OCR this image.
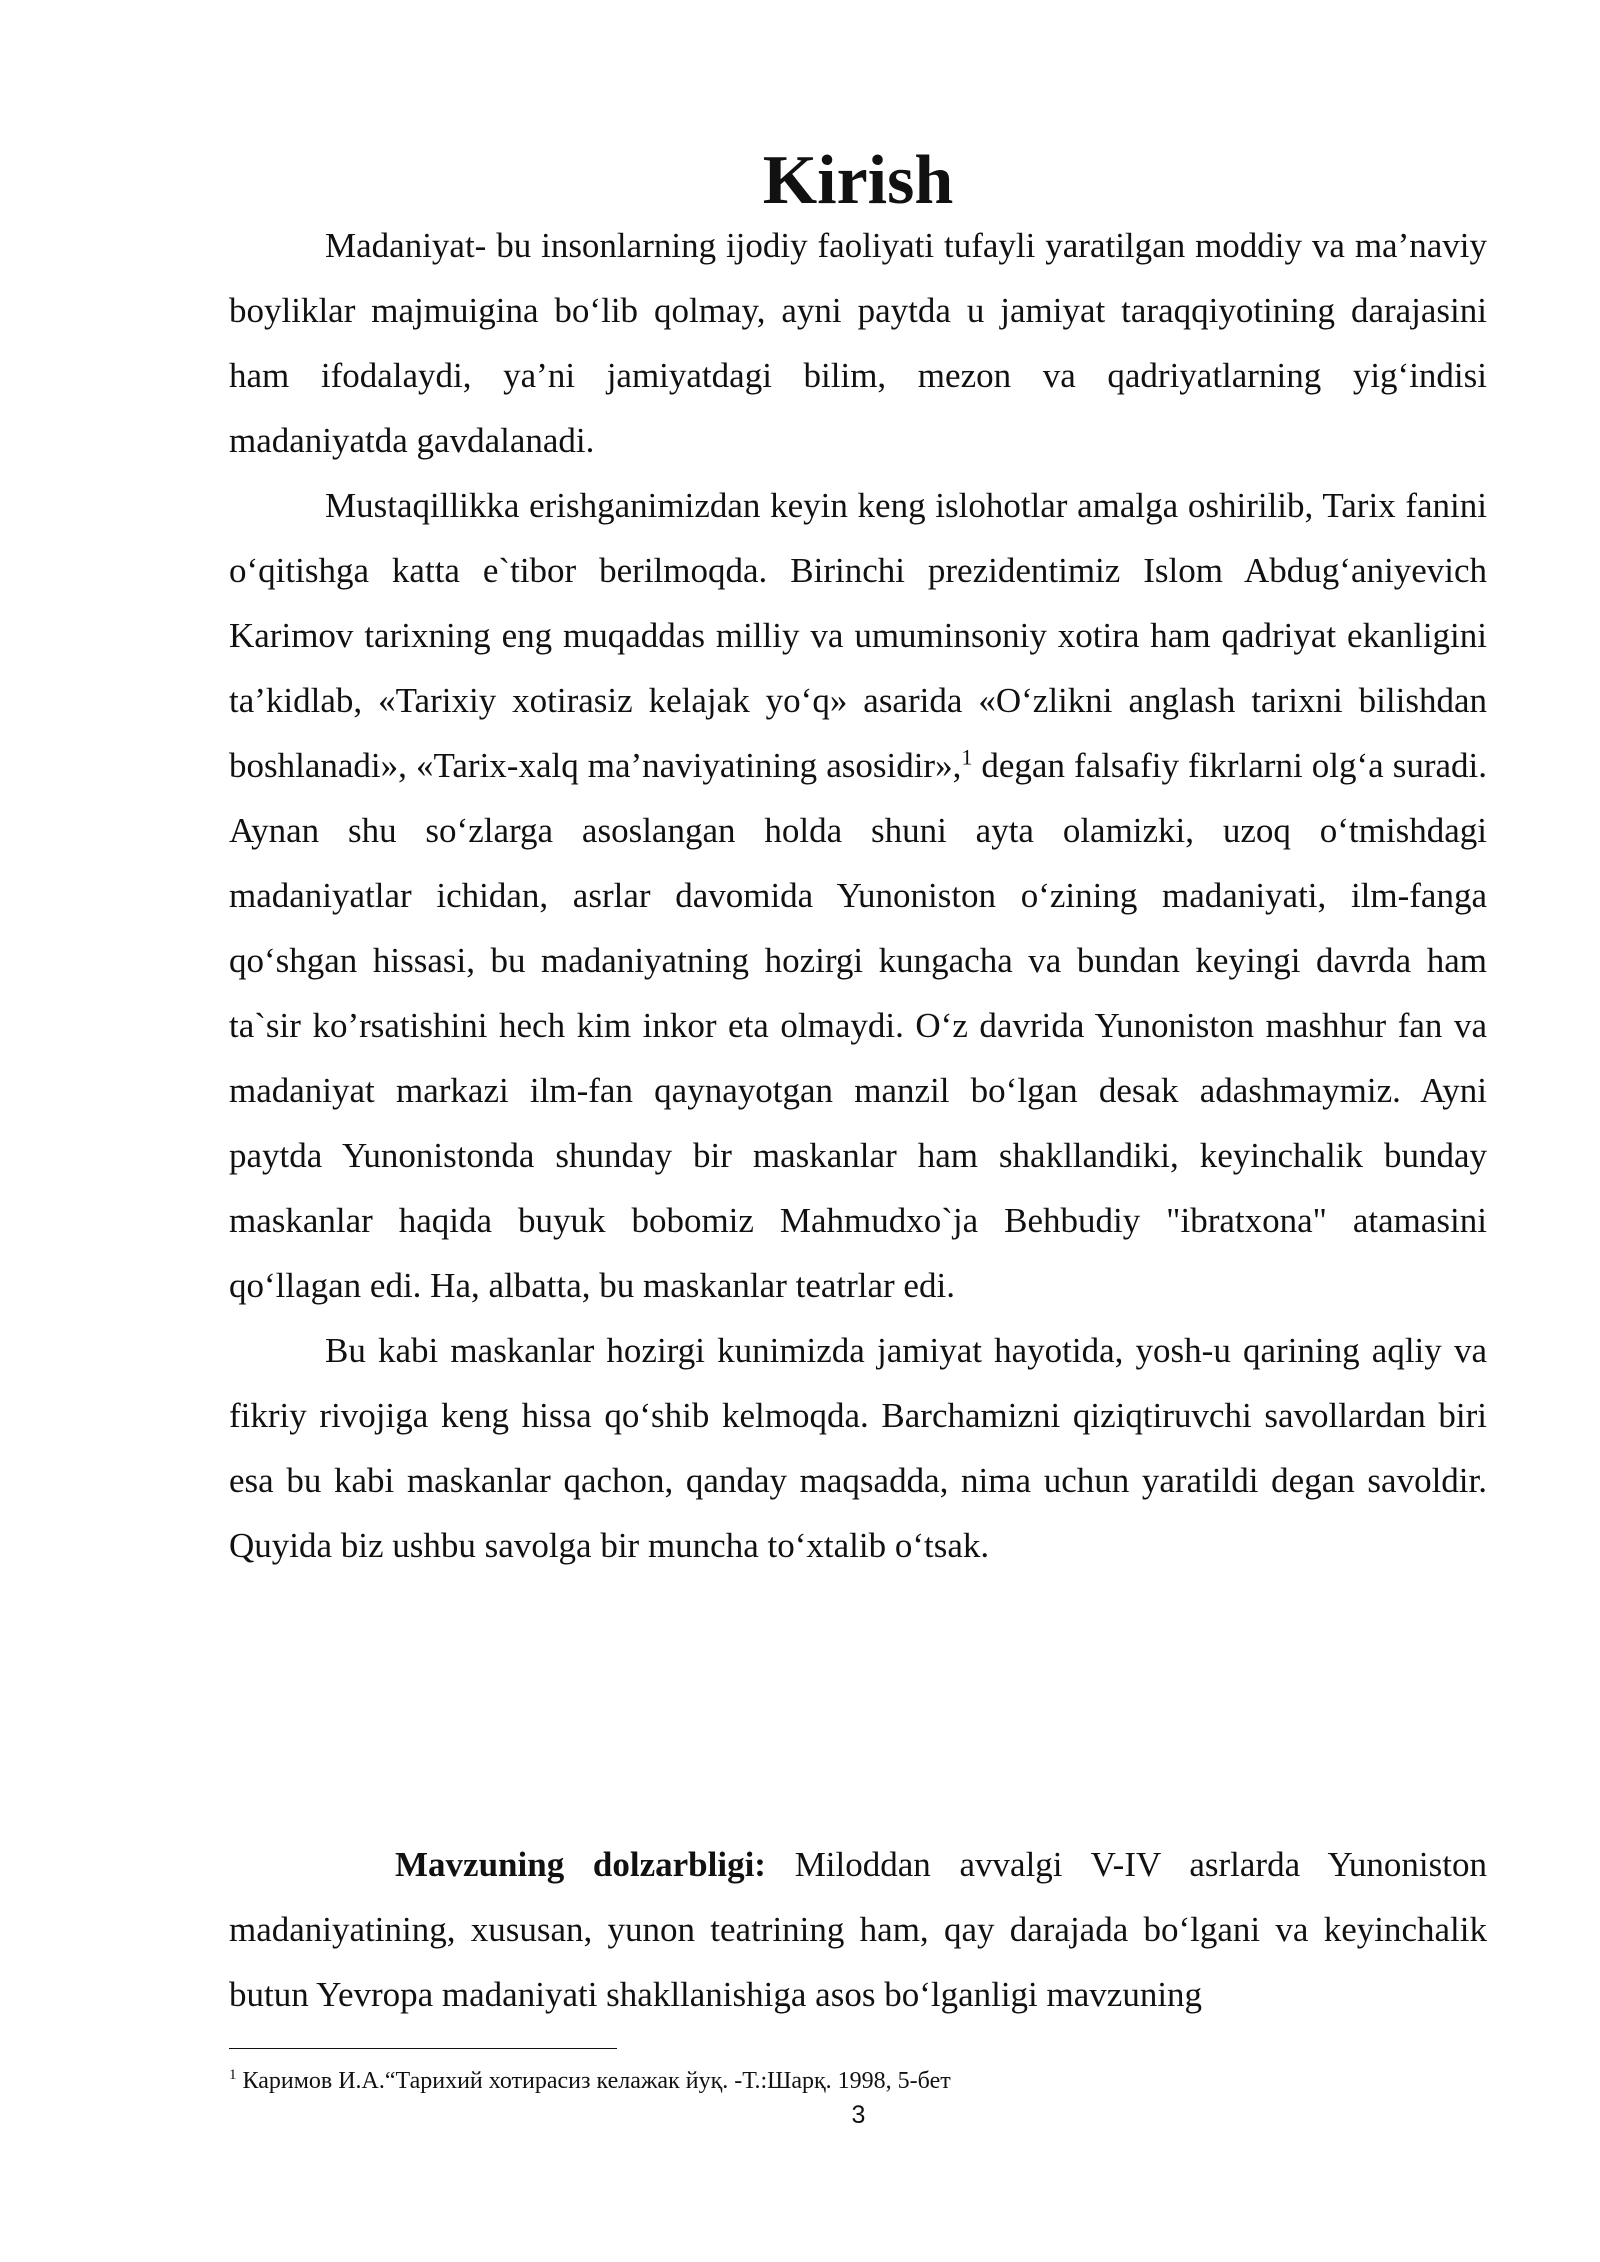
Kirish

Madaniyat- bu insonlarning ijodiy faoliyati tufayli yaratilgan moddiy va ma’naviy boyliklar majmuigina bo‘lib qolmay, ayni paytda u jamiyat taraqqiyotining darajasini ham ifodalaydi, ya’ni jamiyatdagi bilim, mezon va qadriyatlarning yig‘indisi madaniyatda gavdalanadi.

Mustaqillikka erishganimizdan keyin keng islohotlar amalga oshirilib, Tarix fanini o‘qitishga katta e`tibor berilmoqda. Birinchi prezidentimiz Islom Abdug‘aniyevich Karimov tarixning eng muqaddas milliy va umuminsoniy xotira ham qadriyat ekanligini ta’kidlab, «Tarixiy xotirasiz kelajak yo‘q» asarida «O‘zlikni anglash tarixni bilishdan boshlanadi», «Tarix-xalq ma’naviyatining asosidir»,$^1$ degan falsafiy fikrlarni olg‘a suradi. Aynan shu so‘zlarga asoslangan holda shuni ayta olamizki, uzoq o‘tmishdagi madaniyatlar ichidan, asrlar davomida Yunoniston o‘zining madaniyati, ilm-fanga qo‘shgan hissasi, bu madaniyatning hozirgi kungacha va bundan keyingi davrda ham ta`sir ko’rsatishini hech kim inkor eta olmaydi. O‘z davrida Yunoniston mashhur fan va madaniyat markazi ilm-fan qaynayotgan manzil bo‘lgan desak adashmaymiz. Ayni paytda Yunonistonda shunday bir maskanlar ham shakllandiki, keyinchalik bunday maskanlar haqida buyuk bobomiz Mahmudxo`ja Behbudiy "ibratxona" atamasini qo‘llagan edi. Ha, albatta, bu maskanlar teatrlar edi.

Bu kabi maskanlar hozirgi kunimizda jamiyat hayotida, yosh-u qarining aqliy va fikriy rivojiga keng hissa qo‘shib kelmoqda. Barchamizni qiziqtiruvchi savollardan biri esa bu kabi maskanlar qachon, qanday maqsadda, nima uchun yaratildi degan savoldir. Quyida biz ushbu savolga bir muncha to‘xtalib o‘tsak.

Mavzuning dolzarbligi: Miloddan avvalgi V-IV asrlarda Yunoniston madaniyatining, xususan, yunon teatrining ham, qay darajada bo‘lgani va keyinchalik butun Yevropa madaniyati shakllanishiga asos bo‘lganligi mavzuning

$^1$ Каримов И.А.“Тарихий хотирасиз келажак йуқ. -Т.:Шарқ. 1998, 5-бет
3
